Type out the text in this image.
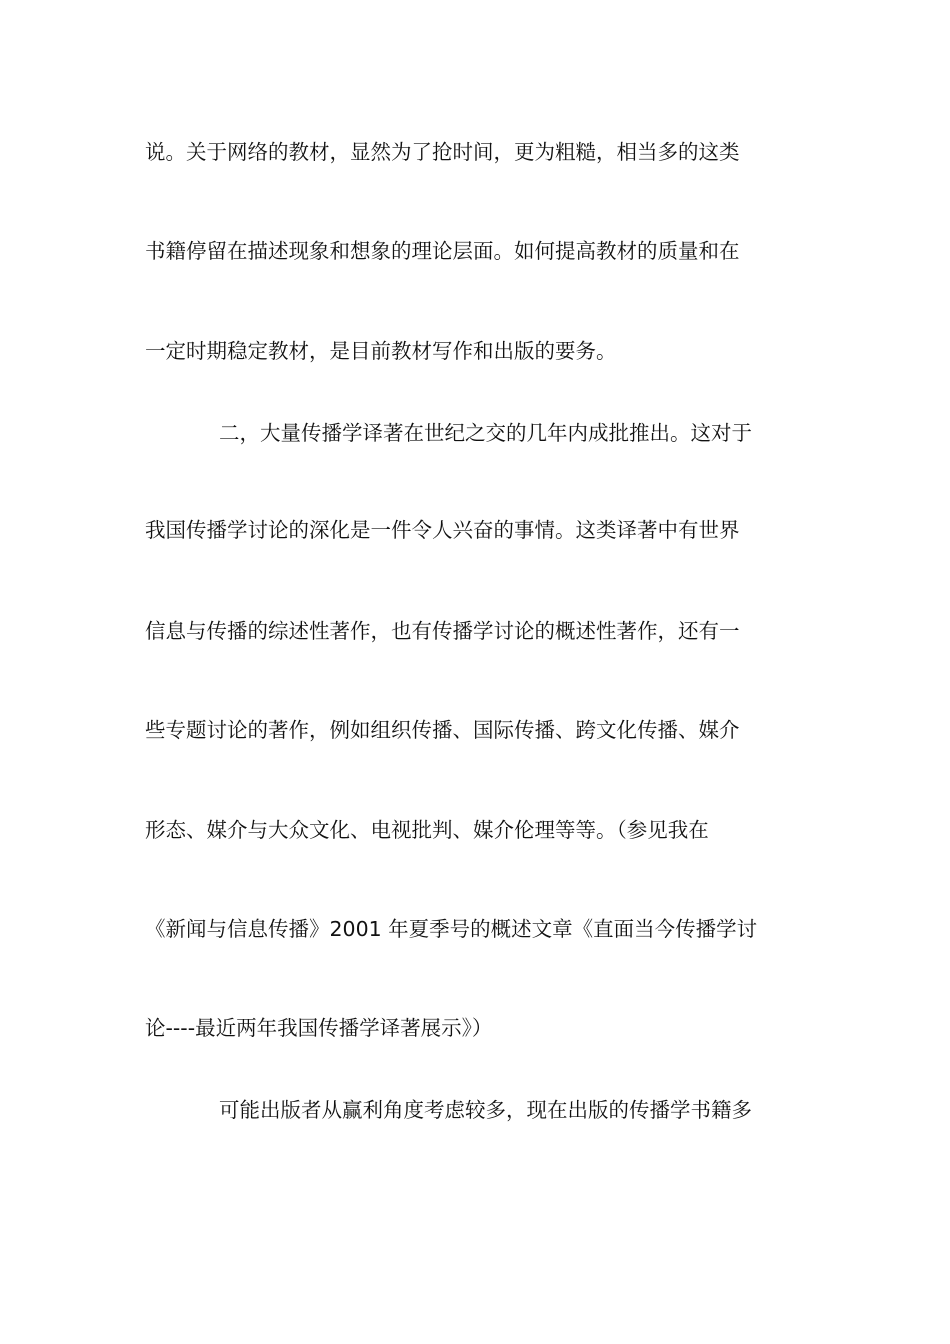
说。关于网络的教材，显然为了抢时间，更为粗糙，相当多的这类
书籍停留在描述现象和想象的理论层面。如何提高教材的质量和在
一定时期稳定教材，是目前教材写作和出版的要务。
二，大量传播学译著在世纪之交的几年内成批推出。这对于
我国传播学讨论的深化是一件令人兴奋的事情。这类译著中有世界
信息与传播的综述性著作，也有传播学讨论的概述性著作，还有一
些专题讨论的著作，例如组织传播、国际传播、跨文化传播、媒介
形态、媒介与大众文化、电视批判、媒介伦理等等。（参见我在
《新闻与信息传播》2001 年夏季号的概述文章《直面当今传播学讨
论----最近两年我国传播学译著展示》）
可能出版者从赢利角度考虑较多，现在出版的传播学书籍多
